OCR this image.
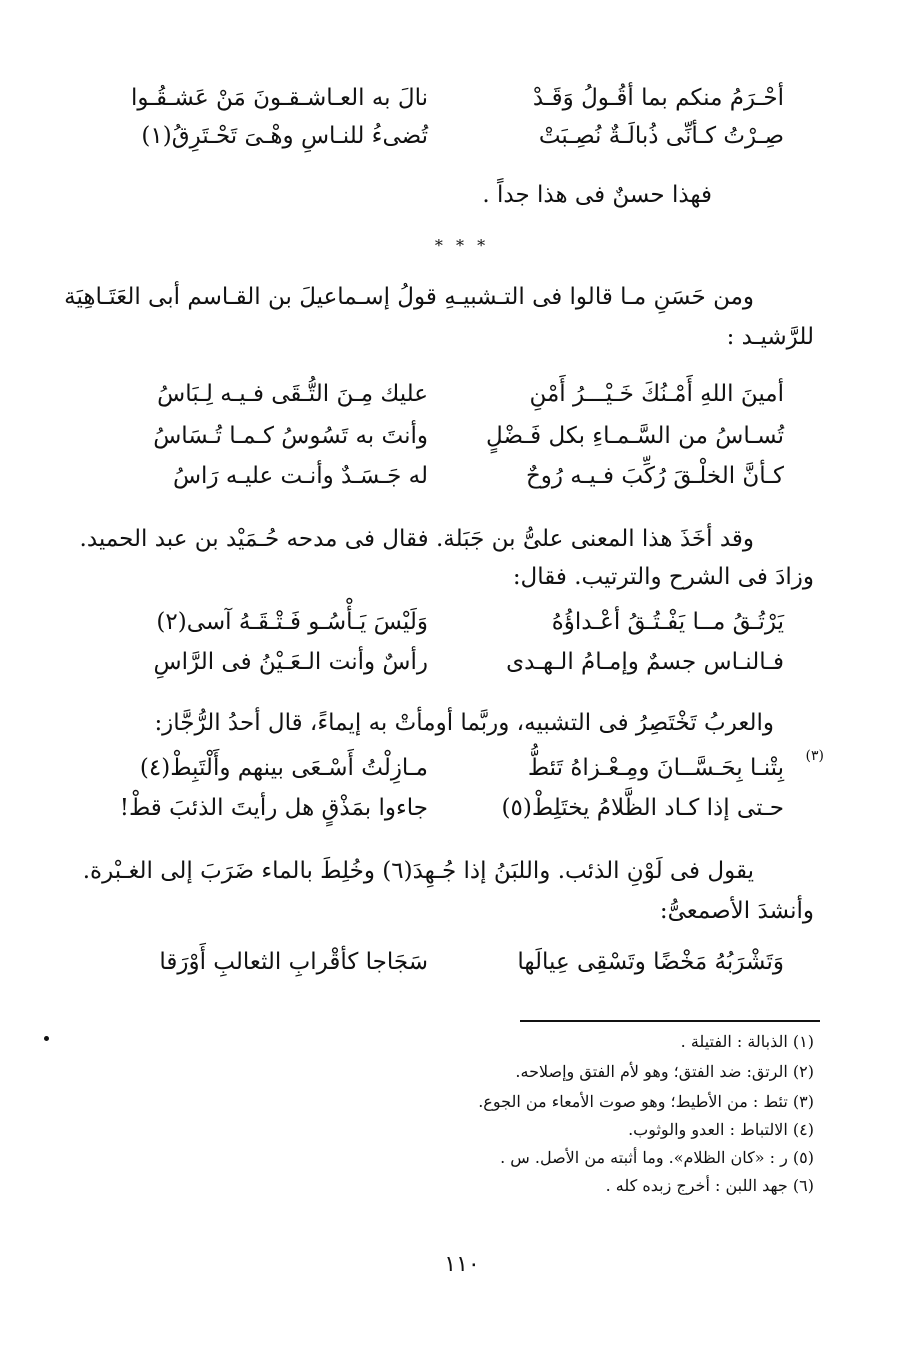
أحْـرَمُ منكم بما أقُـولُ وَقَـدْ
نالَ به العـاشـقـونَ مَنْ عَشـقُـوا
صِـرْتُ كـأنِّى ذُبالَـةٌ نُصِـبَتْ
تُضىءُ للنـاسِ وهْـىَ تَحْـتَرِقُ(١)
فهذا حسنٌ فى هذا جداً .
* * *
ومن حَسَنِ مـا قالوا فى التـشبيـهِ قولُ إسـماعيلَ بن القـاسم أبى العَتَـاهِيَة
للرَّشيـد :
أمينَ اللهِ أَمْـنُكَ خَـيْـــرُ أَمْنِ
عليك مِـنَ التُّـقَى فـيـه لِـبَاسُ
تُسـاسُ من السَّـمـاءِ بكل فَـضْلٍ
وأنتَ به تَسُوسُ كـمـا تُـسَاسُ
كـأنَّ الخلْـقَ رُكِّبَ فـيـه رُوحٌ
له جَـسَـدٌ وأنـت عليـه رَاسُ
وقد أخَذَ هذا المعنى علىُّ بن جَبَلة. فقال فى مدحه حُـمَيْد بن عبد الحميد.
وزادَ فى الشرح والترتيب. فقال:
يَرْتُـقُ مــا يَفْـتُـقُ أعْـداؤُهُ
وَلَيْسَ يَـأْسُـو فَـتْـقَـهُ آسى(٢)
فـالنـاس جسمٌ وإمـامُ الـهـدى
رأسٌ وأنت الـعَـيْنُ فى الرَّاسِ
والعربُ تَخْتَصِرُ فى التشبيه، وربَّما أومأتْ به إيماءً، قال أحدُ الرُّجَّاز:
بِتْنـا بِحَـسَّــانَ ومِـعْـزاهُ تَئطُّ
مـازِلْتُ أَسْـعَى بينهم وأَلْتَبِطْ(٤)	(٣)
حـتى إذا كـاد الظَّلامُ يختَلِطْ(٥)
جاءوا بمَذْقٍ هل رأيتَ الذئبَ قطْ!
يقول فى لَوْنِ الذئب. واللبَنُ إذا جُـهِدَ(٦) وخُلِطَ بالماء ضَرَبَ إلى الغـبْرة.
وأنشدَ الأصمعىُّ:
وَتَشْرَبُهُ مَخْضًا وتَسْقِى عِيالَها
سَجَاجا كأقْرابِ الثعالبِ أَوْرَقا
(١) الذبالة : الفتيلة .
(٢) الرتق: ضد الفتق؛ وهو لأم الفتق وإصلاحه.
(٣) تئط : من الأطيط؛ وهو صوت الأمعاء من الجوع.
(٤) الالتباط : العدو والوثوب.
(٥) ر : «كان الظلام». وما أثبته من الأصل. س .
(٦) جهد اللبن : أخرج زبده كله .
١١٠
